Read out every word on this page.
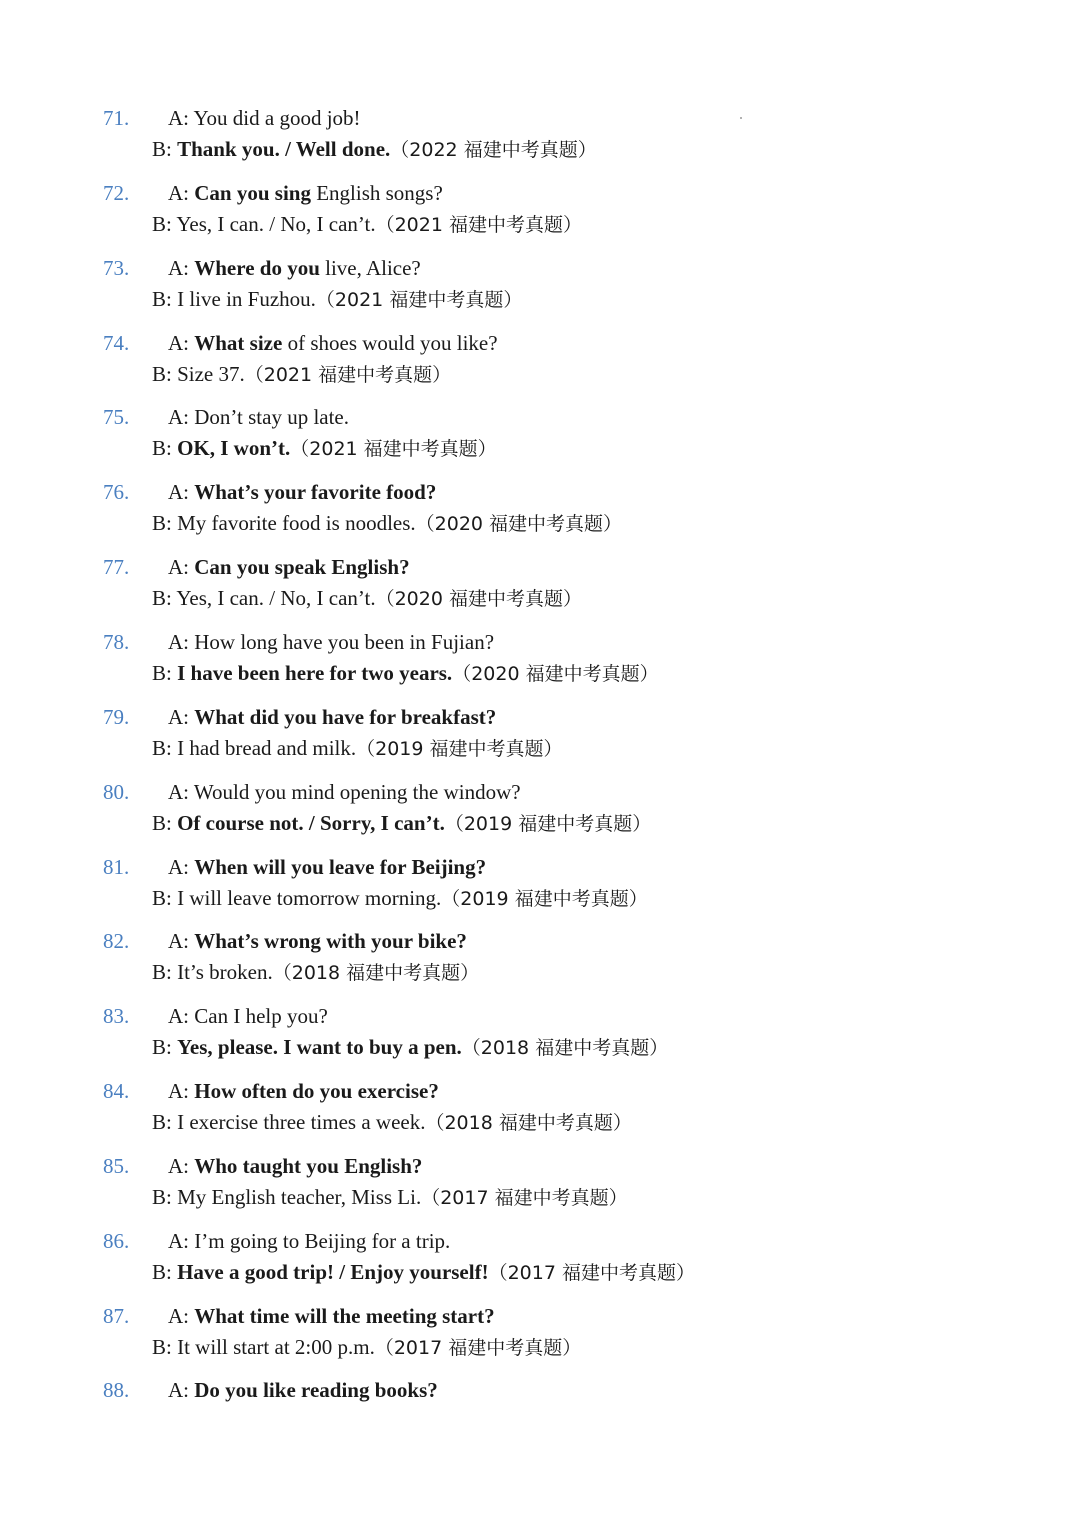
71. A: You did a good job!
B: Thank you. / Well done.（2022 福建中考真题）
72. A: Can you sing English songs?
B: Yes, I can. / No, I can’t.（2021 福建中考真题）
73. A: Where do you live, Alice?
B: I live in Fuzhou.（2021 福建中考真题）
74. A: What size of shoes would you like?
B: Size 37.（2021 福建中考真题）
75. A: Don’t stay up late.
B: OK, I won’t.（2021 福建中考真题）
76. A: What’s your favorite food?
B: My favorite food is noodles.（2020 福建中考真题）
77. A: Can you speak English?
B: Yes, I can. / No, I can’t.（2020 福建中考真题）
78. A: How long have you been in Fujian?
B: I have been here for two years.（2020 福建中考真题）
79. A: What did you have for breakfast?
B: I had bread and milk.（2019 福建中考真题）
80. A: Would you mind opening the window?
B: Of course not. / Sorry, I can’t.（2019 福建中考真题）
81. A: When will you leave for Beijing?
B: I will leave tomorrow morning.（2019 福建中考真题）
82. A: What’s wrong with your bike?
B: It’s broken.（2018 福建中考真题）
83. A: Can I help you?
B: Yes, please. I want to buy a pen.（2018 福建中考真题）
84. A: How often do you exercise?
B: I exercise three times a week.（2018 福建中考真题）
85. A: Who taught you English?
B: My English teacher, Miss Li.（2017 福建中考真题）
86. A: I’m going to Beijing for a trip.
B: Have a good trip! / Enjoy yourself!（2017 福建中考真题）
87. A: What time will the meeting start?
B: It will start at 2:00 p.m.（2017 福建中考真题）
88. A: Do you like reading books?
